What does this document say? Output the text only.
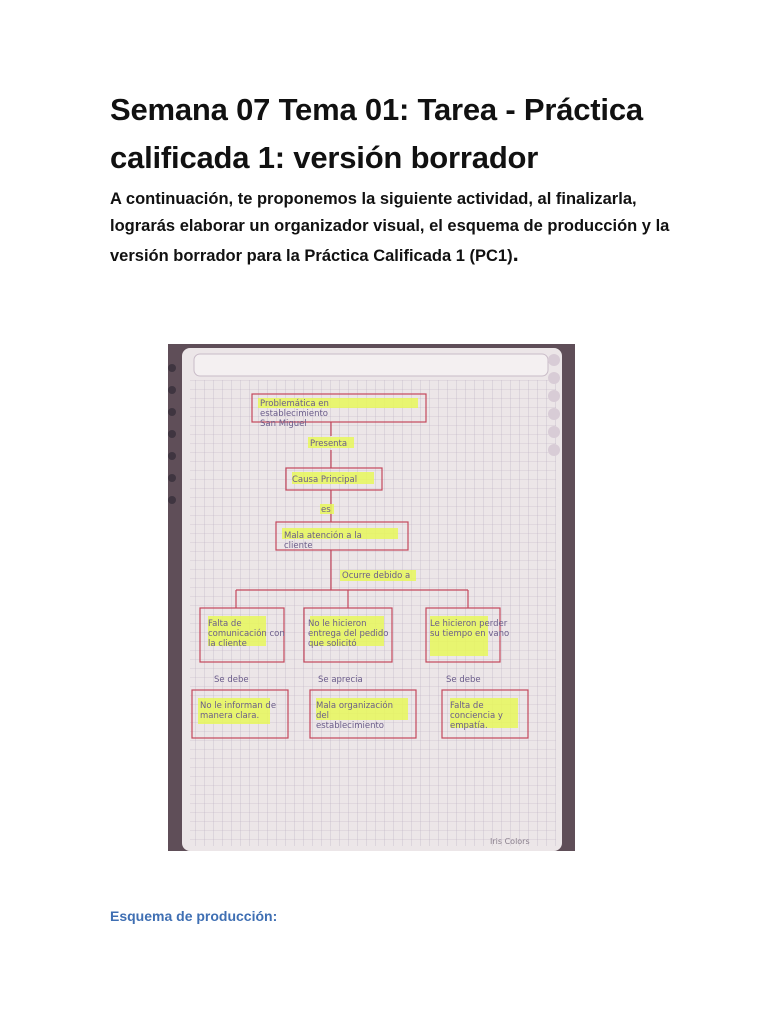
Semana 07 Tema 01: Tarea - Práctica calificada 1: versión borrador

A continuación, te proponemos la siguiente actividad, al finalizarla, lograrás elaborar un organizador visual, el esquema de producción y la versión borrador para la Práctica Calificada 1 (PC1).

Problemática en establecimiento San Miguel
Presenta
Causa Principal
es
Mala atención a la cliente
Ocurre debido a
Falta de comunicación con la cliente
Se debe
No le informan de manera clara.
No le hicieron entrega del pedido que solicitó
Se aprecia
Mala organización del establecimiento
Le hicieron perder su tiempo en vano
Se debe
Falta de conciencia y empatía.
Iris Colors

Esquema de producción:
